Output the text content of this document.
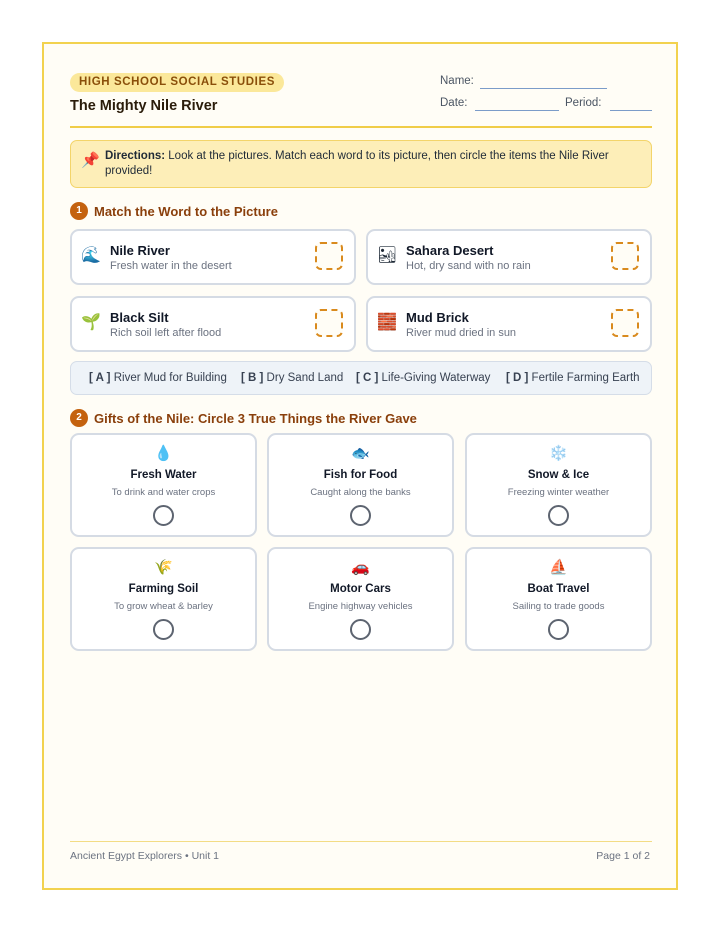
HIGH SCHOOL SOCIAL STUDIES
The Mighty Nile River
Name:
Date:	Period:
📌 Directions: Look at the pictures. Match each word to its picture, then circle the items the Nile River provided!
1 Match the Word to the Picture
🌊 Nile River
Fresh water in the desert
🏜 Sahara Desert
Hot, dry sand with no rain
🌱 Black Silt
Rich soil left after flood
🧱 Mud Brick
River mud dried in sun
[ A ] River Mud for Building [ B ] Dry Sand Land [ C ] Life-Giving Waterway [ D ] Fertile Farming Earth
2 Gifts of the Nile: Circle 3 True Things the River Gave
💧
Fresh Water
To drink and water crops
🐟
Fish for Food
Caught along the banks
❄️
Snow & Ice
Freezing winter weather
🌾
Farming Soil
To grow wheat & barley
🚗
Motor Cars
Engine highway vehicles
⛵
Boat Travel
Sailing to trade goods
Ancient Egypt Explorers • Unit 1	Page 1 of 2
